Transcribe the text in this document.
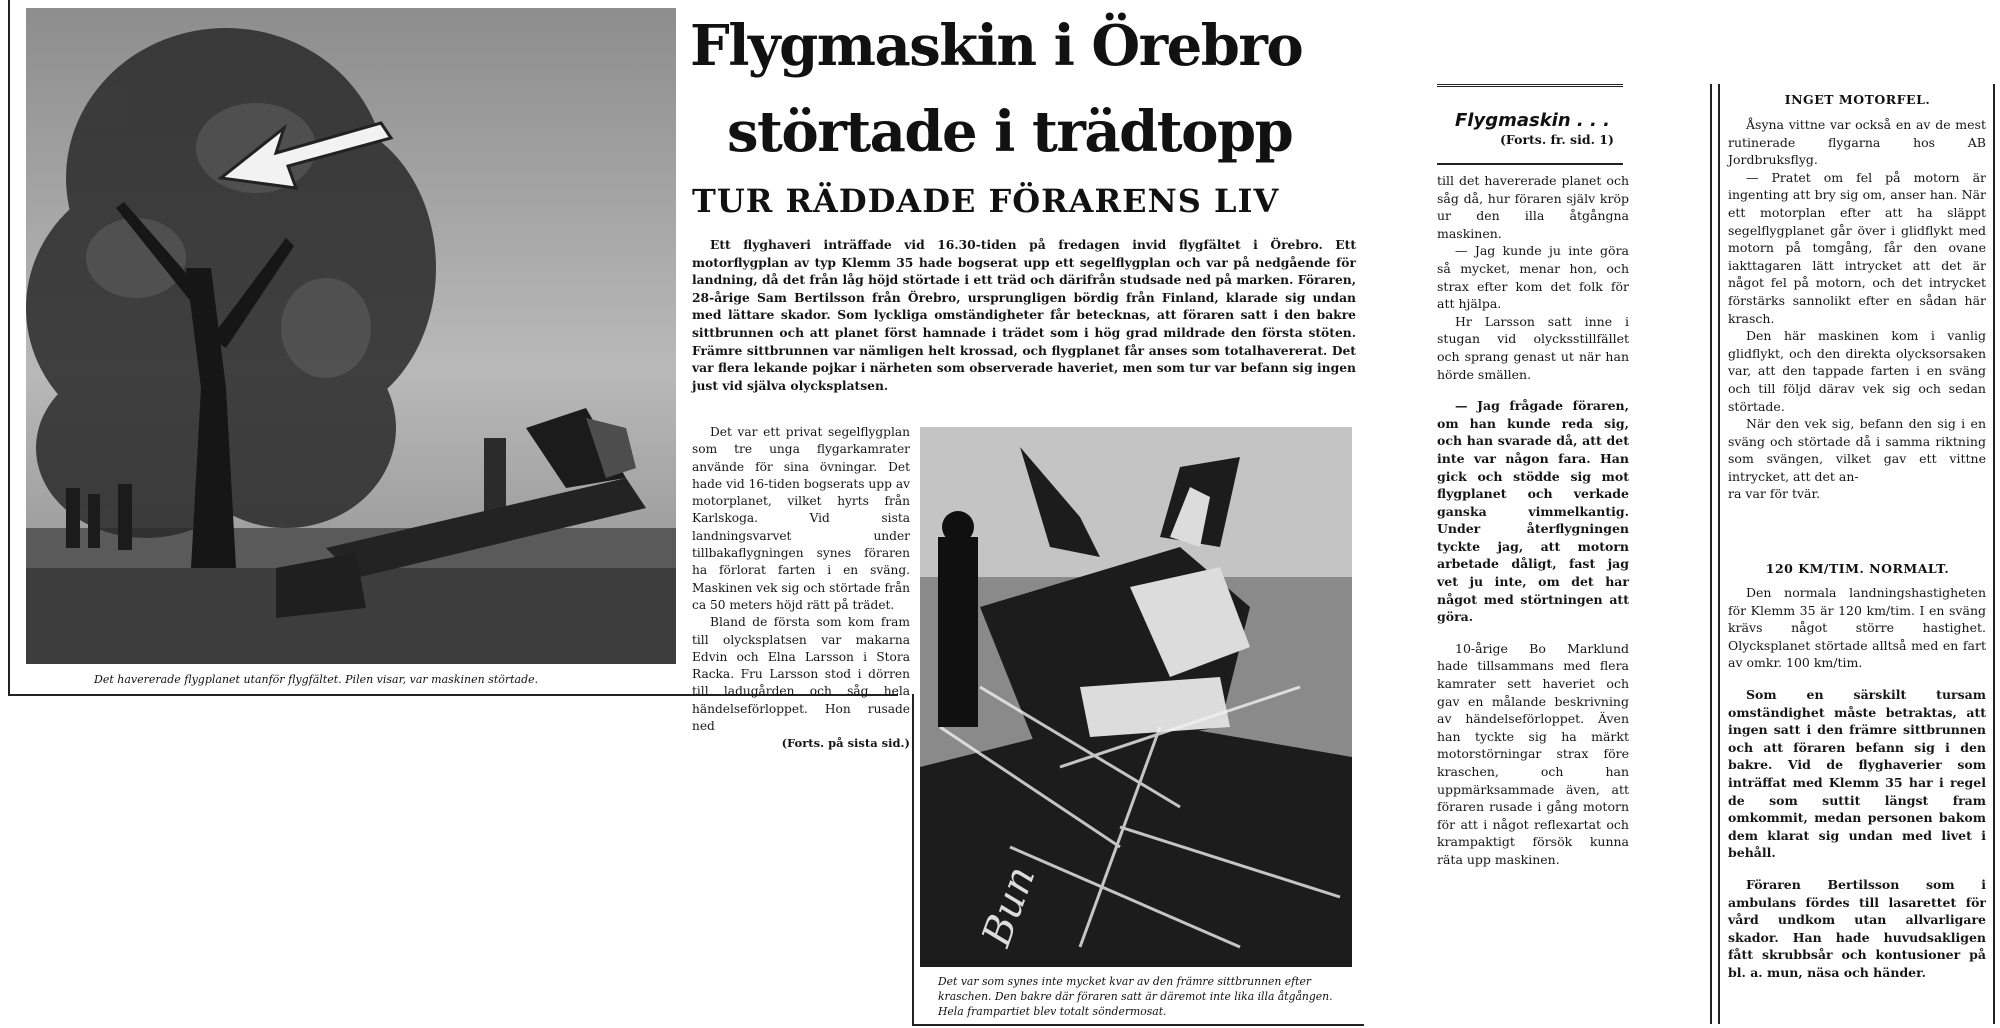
Det havererade flygplanet utanför flygfältet. Pilen visar, var maskinen störtade.
Flygmaskin i Örebro
störtade i trädtopp
TUR RÄDDADE FÖRARENS LIV

Ett flyghaveri inträffade vid 16.30-tiden på fredagen invid flygfältet i Örebro. Ett motorflygplan av typ Klemm 35 hade bogserat upp ett segelflygplan och var på nedgående för landning, då det från låg höjd störtade i ett träd och därifrån studsade ned på marken. Föraren, 28-årige Sam Bertilsson från Örebro, ursprungligen bördig från Finland, klarade sig undan med lättare skador. Som lyckliga omständigheter får betecknas, att föraren satt i den bakre sittbrunnen och att planet först hamnade i trädet som i hög grad mildrade den första stöten. Främre sittbrunnen var nämligen helt krossad, och flygplanet får anses som totalhavererat. Det var flera lekande pojkar i närheten som observerade haveriet, men som tur var befann sig ingen just vid själva olycksplatsen.

Det var ett privat segelflygplan som tre unga flygarkamrater använde för sina övningar. Det hade vid 16-tiden bogserats upp av motorplanet, vilket hyrts från Karlskoga. Vid sista landningsvarvet under tillbakaflygningen synes föraren ha förlorat farten i en sväng. Maskinen vek sig och störtade från ca 50 meters höjd rätt på trädet.

Bland de första som kom fram till olycksplatsen var makarna Edvin och Elna Larsson i Stora Racka. Fru Larsson stod i dörren till ladugården och såg hela händelseförloppet. Hon rusade ned

(Forts. på sista sid.)
Bun
Det var som synes inte mycket kvar av den främre sittbrunnen efter kraschen. Den bakre där föraren satt är däremot inte lika illa åtgången. Hela frampartiet blev totalt söndermosat.
Flygmaskin . . .
(Forts. fr. sid. 1)

till det havererade planet och såg då, hur föraren själv kröp ur den illa åtgångna maskinen.

— Jag kunde ju inte göra så mycket, menar hon, och strax efter kom det folk för att hjälpa.

Hr Larsson satt inne i stugan vid olycksstillfället och sprang genast ut när han hörde smällen.

— Jag frågade föraren, om han kunde reda sig, och han svarade då, att det inte var någon fara. Han gick och stödde sig mot flygplanet och verkade ganska vimmelkantig. Under återflygningen tyckte jag, att motorn arbetade dåligt, fast jag vet ju inte, om det har något med störtningen att göra.

10-årige Bo Marklund hade tillsammans med flera kamrater sett haveriet och gav en målande beskrivning av händelseförloppet. Även han tyckte sig ha märkt motorstörningar strax före kraschen, och han uppmärksammade även, att föraren rusade i gång motorn för att i något reflexartat och krampaktigt försök kunna räta upp maskinen.

INGET MOTORFEL.

Åsyna vittne var också en av de mest rutinerade flygarna hos AB Jordbruksflyg.

— Pratet om fel på motorn är ingenting att bry sig om, anser han. När ett motorplan efter att ha släppt segelflygplanet går över i glidflykt med motorn på tomgång, får den ovane iakttagaren lätt intrycket att det är något fel på motorn, och det intrycket förstärks sannolikt efter en sådan här krasch.

Den här maskinen kom i vanlig glidflykt, och den direkta olycksorsaken var, att den tappade farten i en sväng och till följd därav vek sig och sedan störtade.

När den vek sig, befann den sig i en sväng och störtade då i samma riktning som svängen, vilket gav ett vittne intrycket, att det an-

ra var för tvär.
120 KM/TIM. NORMALT.

Den normala landningshastigheten för Klemm 35 är 120 km/tim. I en sväng krävs något större hastighet. Olycksplanet störtade alltså med en fart av omkr. 100 km/tim.

Som en särskilt tursam omständighet måste betraktas, att ingen satt i den främre sittbrunnen och att föraren befann sig i den bakre. Vid de flyghaverier som inträffat med Klemm 35 har i regel de som suttit längst fram omkommit, medan personen bakom dem klarat sig undan med livet i behåll.

Föraren Bertilsson som i ambulans fördes till lasarettet för vård undkom utan allvarligare skador. Han hade huvudsakligen fått skrubbsår och kontusioner på bl. a. mun, näsa och händer.
